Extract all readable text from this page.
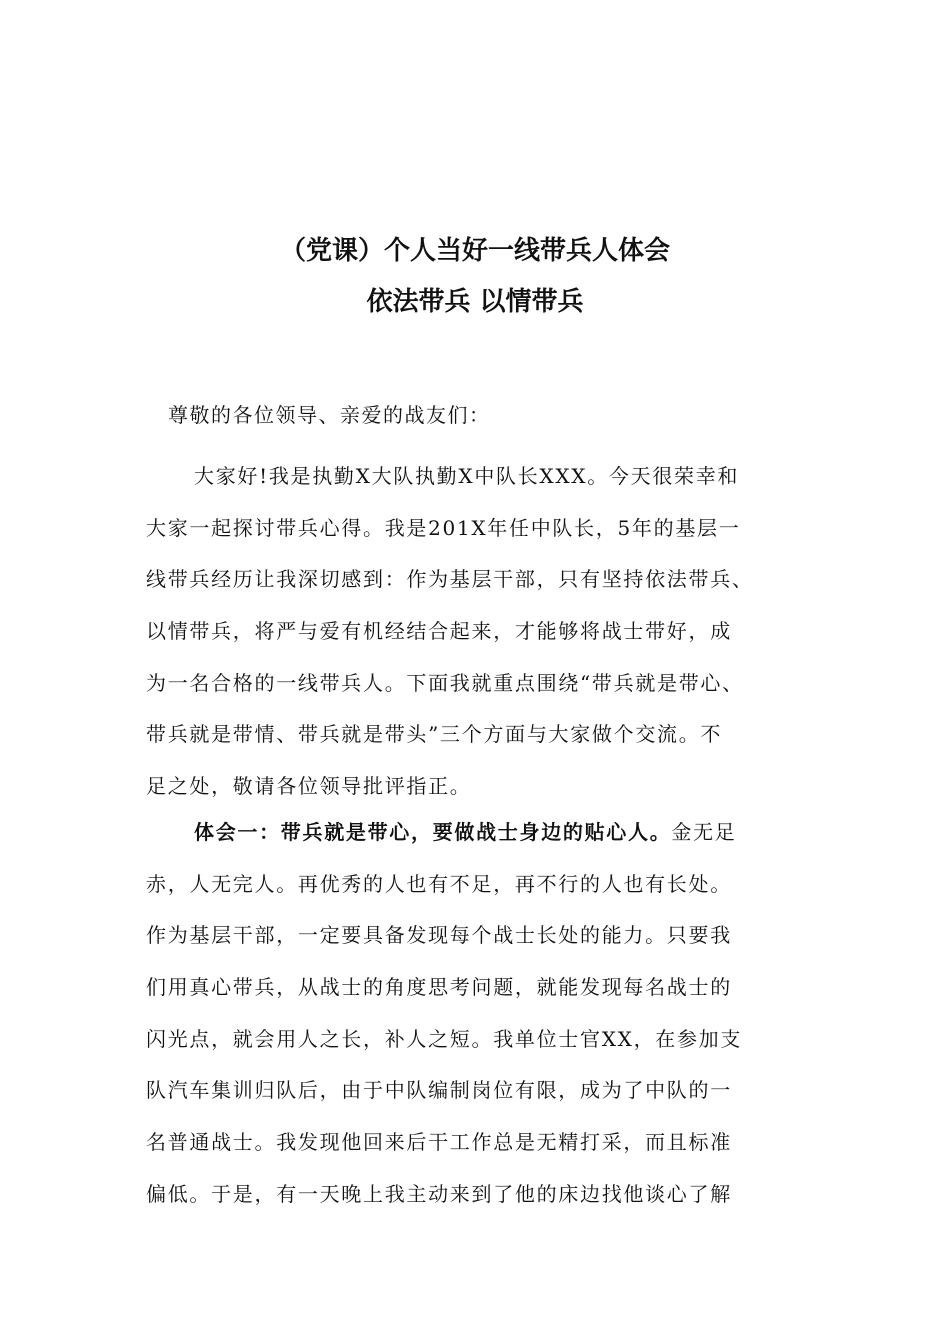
（党课）个人当好一线带兵人体会
依法带兵 以情带兵
尊敬的各位领导、亲爱的战友们：
大家好!我是执勤X大队执勤X中队长XXX。今天很荣幸和
大家一起探讨带兵心得。我是201X年任中队长，5年的基层一
线带兵经历让我深切感到：作为基层干部，只有坚持依法带兵、
以情带兵，将严与爱有机经结合起来，才能够将战士带好，成
为一名合格的一线带兵人。下面我就重点围绕“带兵就是带心、
带兵就是带情、带兵就是带头”三个方面与大家做个交流。不
足之处，敬请各位领导批评指正。
体会一：带兵就是带心，要做战士身边的贴心人。金无足
赤，人无完人。再优秀的人也有不足，再不行的人也有长处。
作为基层干部，一定要具备发现每个战士长处的能力。只要我
们用真心带兵，从战士的角度思考问题，就能发现每名战士的
闪光点，就会用人之长，补人之短。我单位士官XX，在参加支
队汽车集训归队后，由于中队编制岗位有限，成为了中队的一
名普通战士。我发现他回来后干工作总是无精打采，而且标准
偏低。于是，有一天晚上我主动来到了他的床边找他谈心了解
